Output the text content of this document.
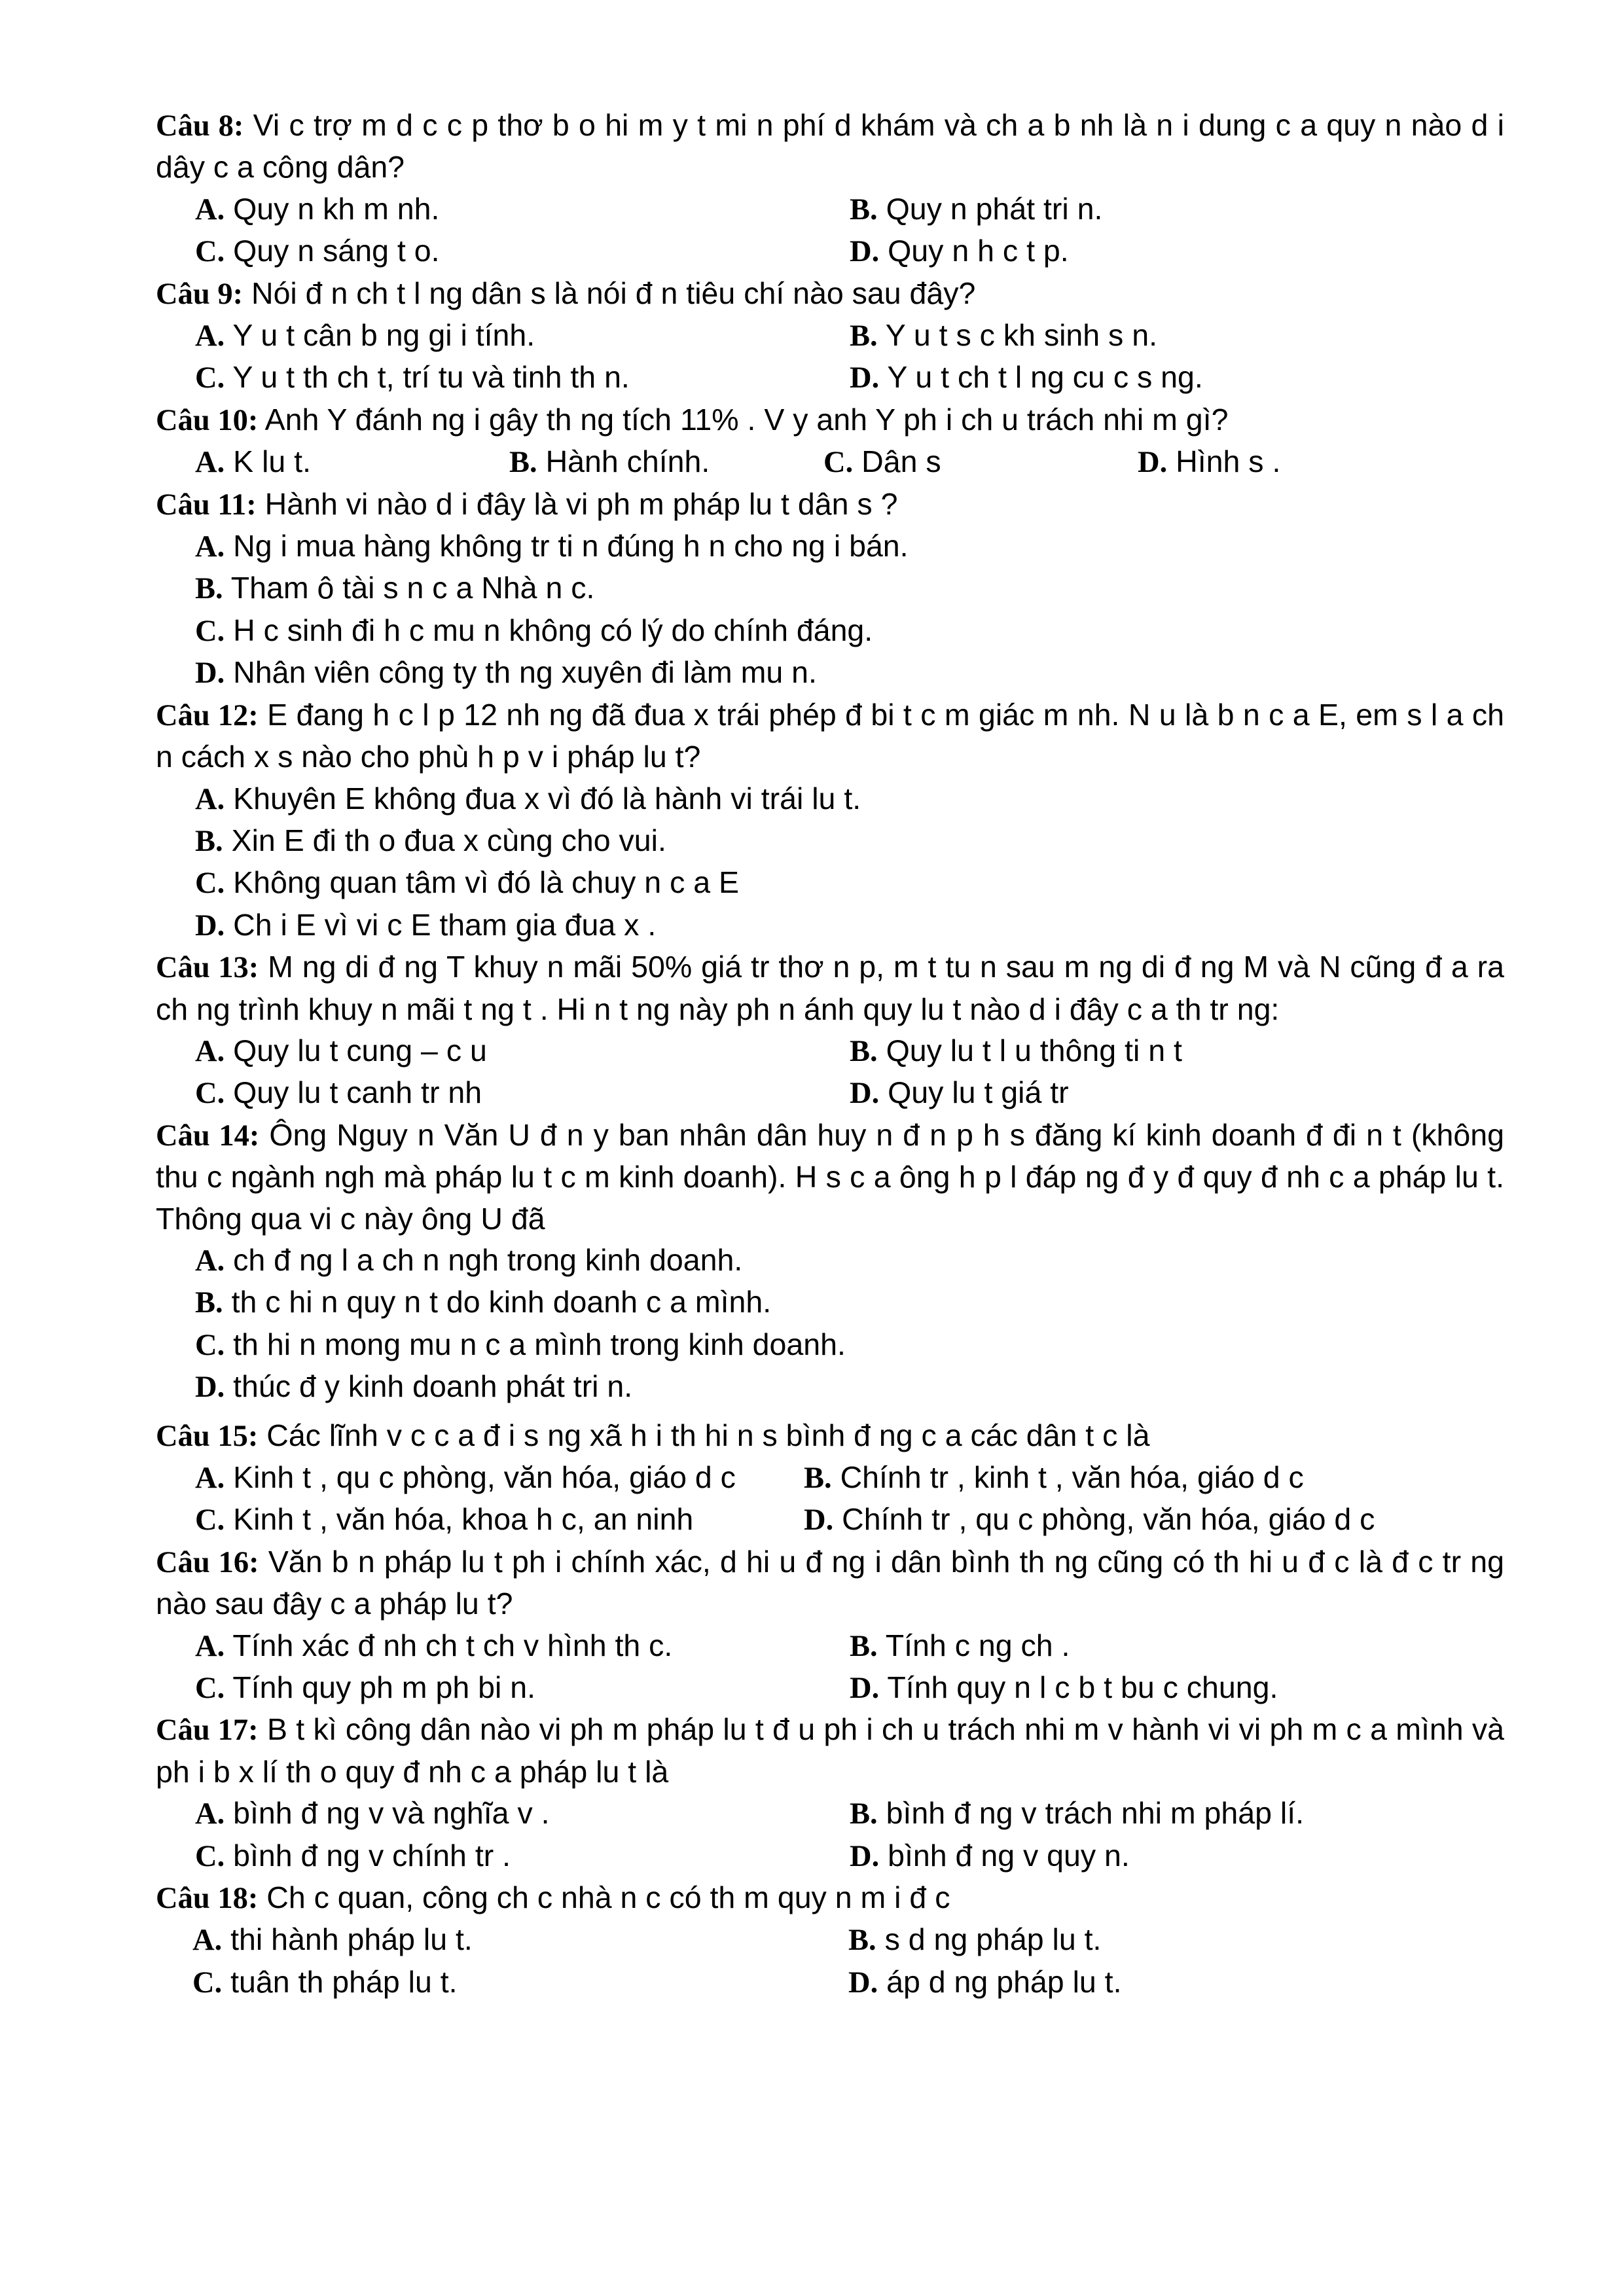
Câu 8: Vi c trợ m d c c p thơ b o hi m y t mi n phí d khám và ch a b nh là n i dung c a quy n nào d i dây c a công dân?
A. Quy n kh m nh.	B. Quy n phát tri n.
C. Quy n sáng t o.	D. Quy n h c t p.
Câu 9: Nói đ n ch t l ng dân s là nói đ n tiêu chí nào sau đây?
A. Y u t cân b ng gi i tính.	B. Y u t s c kh sinh s n.
C. Y u t th ch t, trí tu và tinh th n.	D. Y u t ch t l ng cu c s ng.
Câu 10: Anh Y đánh ng i gây th ng tích 11% . V y anh Y ph i ch u trách nhi m gì?
A. K lu t.	B. Hành chính.	C. Dân s	D. Hình s .
Câu 11: Hành vi nào d i đây là vi ph m pháp lu t dân s ?
A. Ng i mua hàng không tr ti n đúng h n cho ng i bán.
B. Tham ô tài s n c a Nhà n c.
C. H c sinh đi h c mu n không có lý do chính đáng.
D. Nhân viên công ty th ng xuyên đi làm mu n.
Câu 12: E đang h c l p 12 nh ng đã đua x trái phép đ bi t c m giác m nh. N u là b n c a E, em s l a ch n cách x s nào cho phù h p v i pháp lu t?
A. Khuyên E không đua x vì đó là hành vi trái lu t.
B. Xin E đi th o đua x cùng cho vui.
C. Không quan tâm vì đó là chuy n c a E
D. Ch i E vì vi c E tham gia đua x .
Câu 13: M ng di đ ng T khuy n mãi 50% giá tr thơ n p, m t tu n sau m ng di đ ng M và N cũng đ a ra ch ng trình khuy n mãi t ng t . Hi n t ng này ph n ánh quy lu t nào d i đây c a th tr ng:
A. Quy lu t cung – c u	B. Quy lu t l u thông ti n t
C. Quy lu t canh tr nh	D. Quy lu t giá tr
Câu 14: Ông Nguy n Văn U đ n y ban nhân dân huy n đ n p h s đăng kí kinh doanh đ đi n t (không thu c ngành ngh mà pháp lu t c m kinh doanh). H s c a ông h p l đáp ng đ y đ quy đ nh c a pháp lu t. Thông qua vi c này ông U đã
A. ch đ ng l a ch n ngh trong kinh doanh.
B. th c hi n quy n t do kinh doanh c a mình.
C. th hi n mong mu n c a mình trong kinh doanh.
D. thúc đ y kinh doanh phát tri n.
Câu 15: Các lĩnh v c c a đ i s ng xã h i th hi n s bình đ ng c a các dân t c là
A. Kinh t , qu c phòng, văn hóa, giáo d c	B. Chính tr , kinh t , văn hóa, giáo d c
C. Kinh t , văn hóa, khoa h c, an ninh	D. Chính tr , qu c phòng, văn hóa, giáo d c
Câu 16: Văn b n pháp lu t ph i chính xác, d hi u đ ng i dân bình th ng cũng có th hi u đ c là đ c tr ng nào sau đây c a pháp lu t?
A. Tính xác đ nh ch t ch v hình th c.	B. Tính c ng ch .
C. Tính quy ph m ph bi n.	D. Tính quy n l c b t bu c chung.
Câu 17: B t kì công dân nào vi ph m pháp lu t đ u ph i ch u trách nhi m v hành vi vi ph m c a mình và ph i b x lí th o quy đ nh c a pháp lu t là
A. bình đ ng v và nghĩa v .	B. bình đ ng v trách nhi m pháp lí.
C. bình đ ng v chính tr .	D. bình đ ng v quy n.
Câu 18: Ch c quan, công ch c nhà n c có th m quy n m i đ c
A. thi hành pháp lu t.	B. s d ng pháp lu t.
C. tuân th pháp lu t.	D. áp d ng pháp lu t.
